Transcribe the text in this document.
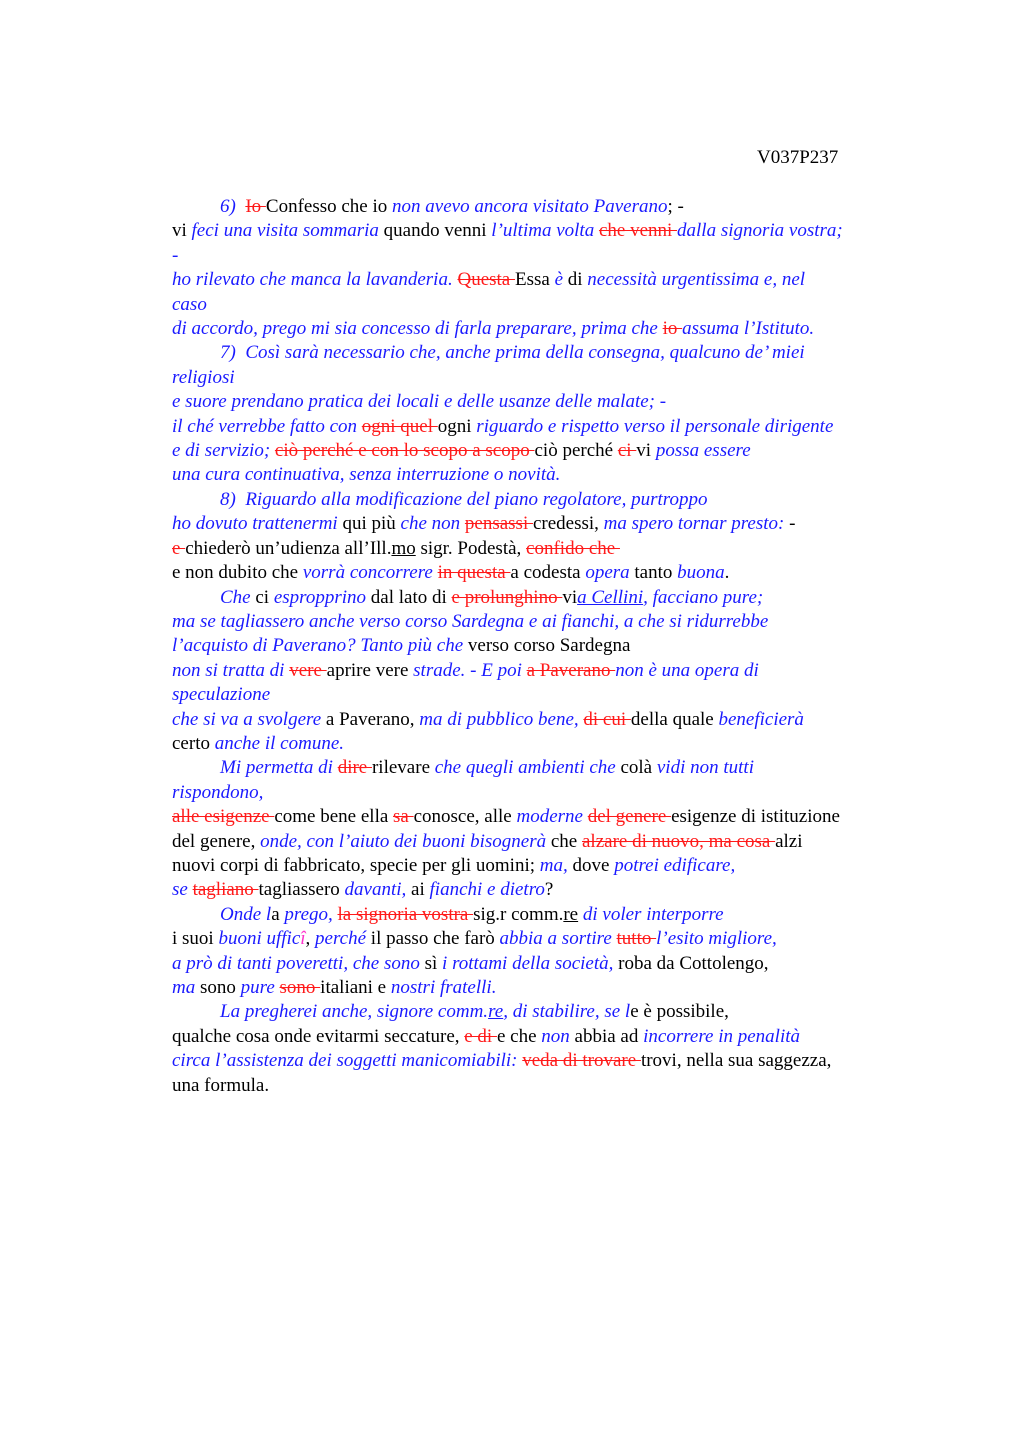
V037P237
6)  Io Confesso che io non avevo ancora visitato Paverano; -
vi feci una visita sommaria quando venni l’ultima volta che venni dalla signoria vostra;
-
ho rilevato che manca la lavanderia. Questa Essa è di necessità urgentissima e, nel
caso
di accordo, prego mi sia concesso di farla preparare, prima che io assuma l’Istituto.
7)  Così sarà necessario che, anche prima della consegna, qualcuno de’ miei
religiosi
e suore prendano pratica dei locali e delle usanze delle malate; -
il ché verrebbe fatto con ogni quel ogni riguardo e rispetto verso il personale dirigente
e di servizio; ciò perché e con lo scopo a scopo ciò perché ci vi possa essere
una cura continuativa, senza interruzione o novità.
8)  Riguardo alla modificazione del piano regolatore, purtroppo
ho dovuto trattenermi qui più che non pensassi credessi, ma spero tornar presto: -
e chiederò un’udienza all’Ill.mo sigr. Podestà, confido che
e non dubito che vorrà concorrere in questa a codesta opera tanto buona.
Che ci espropprino dal lato di e prolunghino via Cellini, facciano pure;
ma se tagliassero anche verso corso Sardegna e ai fianchi, a che si ridurrebbe
l’acquisto di Paverano? Tanto più che verso corso Sardegna
non si tratta di vere aprire vere strade. - E poi a Paverano non è una opera di
speculazione
che si va a svolgere a Paverano, ma di pubblico bene, di cui della quale beneficierà
certo anche il comune.
Mi permetta di dire rilevare che quegli ambienti che colà vidi non tutti
rispondono,
alle esigenze come bene ella sa conosce, alle moderne del genere esigenze di istituzione
del genere, onde, con l’aiuto dei buoni bisognerà che alzare di nuovo, ma cosa alzi
nuovi corpi di fabbricato, specie per gli uomini; ma, dove potrei edificare,
se tagliano tagliassero davanti, ai fianchi e dietro?
Onde la prego, la signoria vostra sig.r comm.re di voler interporre
i suoi buoni ufficî, perché il passo che farò abbia a sortire tutto l’esito migliore,
a prò di tanti poveretti, che sono sì i rottami della società, roba da Cottolengo,
ma sono pure sono italiani e nostri fratelli.
La pregherei anche, signore comm.re, di stabilire, se le è possibile,
qualche cosa onde evitarmi seccature, e di e che non abbia ad incorrere in penalità
circa l’assistenza dei soggetti manicomiabili: veda di trovare trovi, nella sua saggezza,
una formula.
